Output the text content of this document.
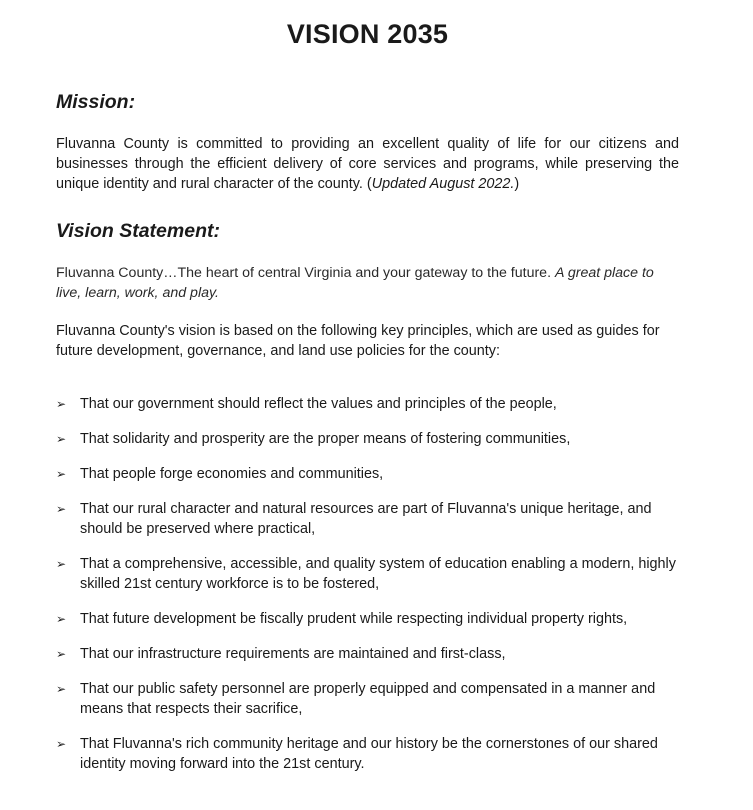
VISION 2035
Mission:

Fluvanna County is committed to providing an excellent quality of life for our citizens and businesses through the efficient delivery of core services and programs, while preserving the unique identity and rural character of the county. (Updated August 2022.)

Vision Statement:

Fluvanna County…The heart of central Virginia and your gateway to the future. A great place to live, learn, work, and play.

Fluvanna County's vision is based on the following key principles, which are used as guides for future development, governance, and land use policies for the county:

➢ That our government should reflect the values and principles of the people,
➢ That solidarity and prosperity are the proper means of fostering communities,
➢ That people forge economies and communities,
➢ That our rural character and natural resources are part of Fluvanna's unique heritage, and should be preserved where practical,
➢ That a comprehensive, accessible, and quality system of education enabling a modern, highly skilled 21st century workforce is to be fostered,
➢ That future development be fiscally prudent while respecting individual property rights,
➢ That our infrastructure requirements are maintained and first-class,
➢ That our public safety personnel are properly equipped and compensated in a manner and means that respects their sacrifice,
➢ That Fluvanna's rich community heritage and our history be the cornerstones of our shared identity moving forward into the 21st century.
